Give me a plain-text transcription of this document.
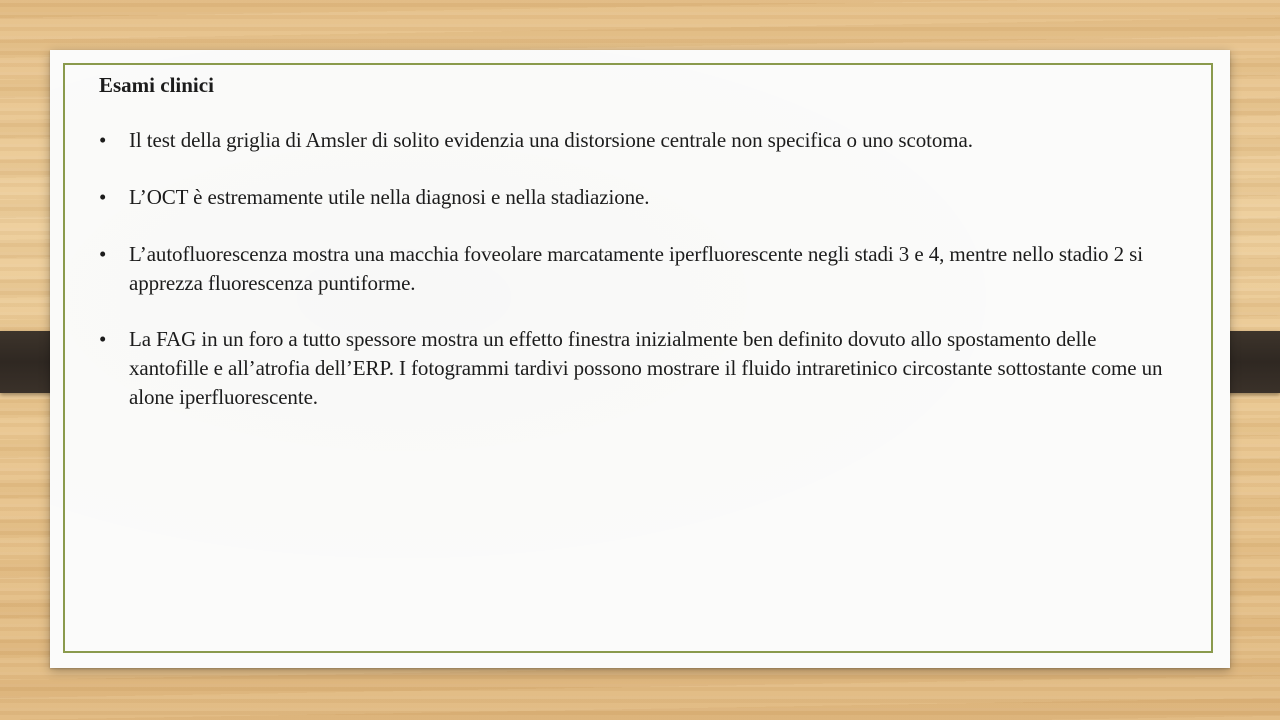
Esami clinici

• Il test della griglia di Amsler di solito evidenzia una distorsione centrale non specifica o uno scotoma.
• L’OCT è estremamente utile nella diagnosi e nella stadiazione.
• L’autofluorescenza mostra una macchia foveolare marcatamente iperfluorescente negli stadi 3 e 4, mentre nello stadio 2 si apprezza fluorescenza puntiforme.
• La FAG in un foro a tutto spessore mostra un effetto finestra inizialmente ben definito dovuto allo spostamento delle xantofille e all’atrofia dell’ERP. I fotogrammi tardivi possono mostrare il fluido intraretinico circostante sottostante come un alone iperfluorescente.
